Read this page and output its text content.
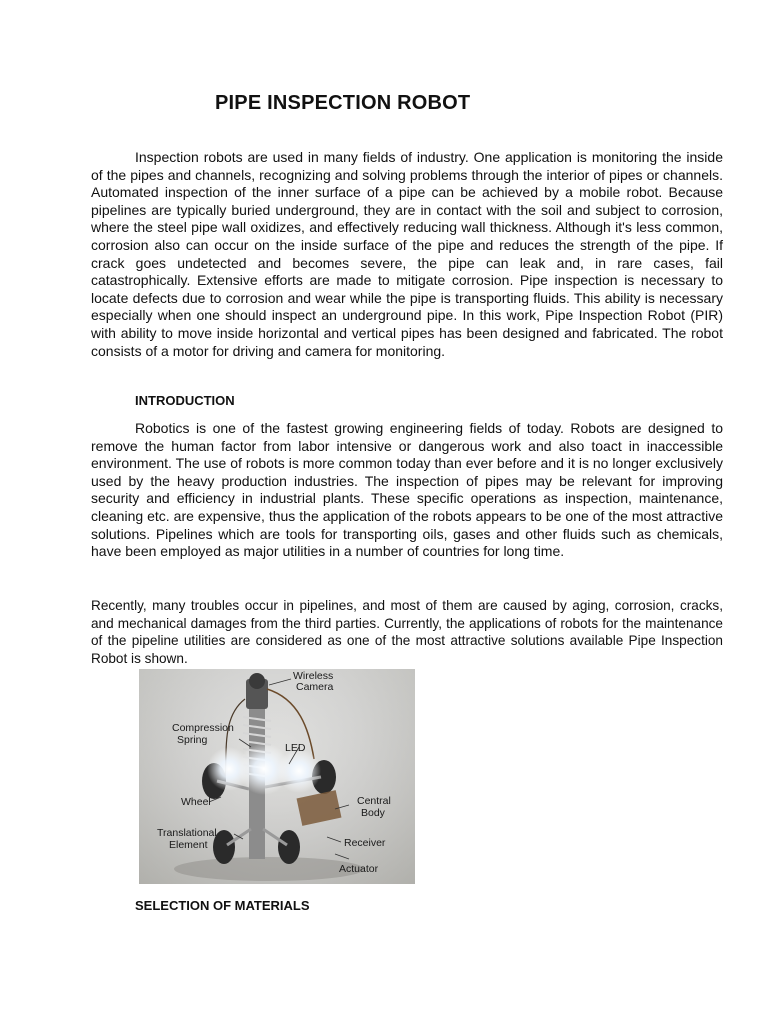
PIPE INSPECTION ROBOT

Inspection robots are used in many fields of industry. One application is monitoring the inside of the pipes and channels, recognizing and solving problems through the interior of pipes or channels. Automated inspection of the inner surface of a pipe can be achieved by a mobile robot. Because pipelines are typically buried underground, they are in contact with the soil and subject to corrosion, where the steel pipe wall oxidizes, and effectively reducing wall thickness. Although it's less common, corrosion also can occur on the inside surface of the pipe and reduces the strength of the pipe. If crack goes undetected and becomes severe, the pipe can leak and, in rare cases, fail catastrophically. Extensive efforts are made to mitigate corrosion. Pipe inspection is necessary to locate defects due to corrosion and wear while the pipe is transporting fluids. This ability is necessary especially when one should inspect an underground pipe. In this work, Pipe Inspection Robot (PIR) with ability to move inside horizontal and vertical pipes has been designed and fabricated. The robot consists of a motor for driving and camera for monitoring.

INTRODUCTION

Robotics is one of the fastest growing engineering fields of today. Robots are designed to remove the human factor from labor intensive or dangerous work and also toact in inaccessible environment. The use of robots is more common today than ever before and it is no longer exclusively used by the heavy production industries. The inspection of pipes may be relevant for improving security and efficiency in industrial plants. These specific operations as inspection, maintenance, cleaning etc. are expensive, thus the application of the robots appears to be one of the most attractive solutions. Pipelines which are tools for transporting oils, gases and other fluids such as chemicals, have been employed as major utilities in a number of countries for long time.

Recently, many troubles occur in pipelines, and most of them are caused by aging, corrosion, cracks, and mechanical damages from the third parties. Currently, the applications of robots for the maintenance of the pipeline utilities are considered as one of the most attractive solutions available Pipe Inspection Robot is shown.

Wireless
Camera
Compression
Spring
LED
Wheel	Central
Body
Translational
Element	Receiver
Actuator
SELECTION OF MATERIALS
